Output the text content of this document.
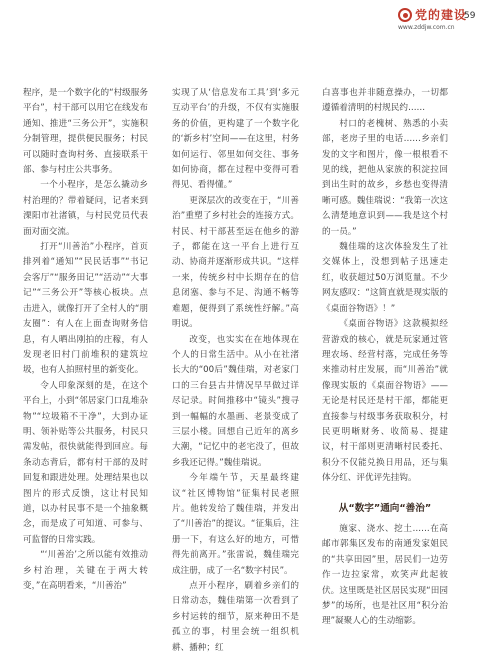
党的建设
www.zddjw.com.cn
59

程序，是一个数字化的“村级服务平台”，村干部可以用它在线发布通知、推进“三务公开”，实施积分制管理，提供便民服务；村民可以随时查询村务、直接联系干部、参与村庄公共事务。

一个小程序，是怎么撬动乡村治理的？带着疑问，记者来到溧阳市社渚镇，与村民党员代表面对面交流。

打开“川善治”小程序，首页排列着“通知”“民民话事”“书记会客厅”“服务田记”“活动”“大事记”“三务公开”等核心板块。点击进入，就像打开了全村人的“朋友圈”：有人在上面查询财务信息，有人晒出刚拍的庄稼，有人发现老旧村门前堆积的建筑垃圾，也有人拍照村里的新变化。

令人印象深刻的是，在这个平台上，小到“邻居家门口乱堆杂物”“垃圾箱不干净”，大到办证明、领补贴等公共服务，村民只需发帖，很快就能得到回应。每条动态背后，都有村干部的及时回复和跟进处理。处理结果也以图片的形式反馈，这让村民知道，以办村民事不是一个抽象概念，而是成了可知道、可参与、可监督的日常实践。

“‘川善治’之所以能有效推动乡村治理，关键在于两大转变，”在高明看来，“川善治”

实现了从‘信息发布工具’到‘多元互动平台’的升级，不仅有实施服务的价值，更构建了一个数字化的‘新乡村’空间——在这里，村务如何运行、邻里如何交往、事务如何协商，都在过程中变得可看得见、看得懂。”

更深层次的改变在于，“川善治”重塑了乡村社会的连接方式。村民、村干部甚至远在他乡的游子，都能在这一平台上进行互动、协商并逐渐形成共识。“这样一来，传统乡村中长期存在的信息闭塞、参与不足、沟通不畅等难题，便得到了系统性纾解。”高明说。

改变，也实实在在地体现在个人的日常生活中。从小在社渚长大的“00后”魏佳瑞，对老家门口的三台县古井情况早早做过详尽记录。时间推移中“镜头”搜寻到一幅幅的水墨画、老景变成了三层小楼。回想自己近年的离乡大潮，“记忆中的老宅没了，但故乡我还记得。”魏佳瑞说。

今年端午节，天星最终建议“社区博物馆”征集村民老照片。他转发给了魏佳瑞，并发出了“川善治”的提议。“征集后，注册一下，有这么好的地方，可惜得先前离开。”张雷说，魏佳瑞完成注册，成了一名“数字村民”。

点开小程序，刷着乡亲们的日常动态，魏佳瑞第一次看到了乡村运转的细节，原来种田不是孤立的事，村里会统一组织机耕、播种；红

白喜事也并非随意操办，一切都遵循着清明的村规民约……

村口的老槐树、熟悉的小卖部，老房子里的电话……乡亲们发的文字和图片，像一根根看不见的线，把他从家族的积淀拉回到出生时的故乡，乡愁也变得清晰可感。魏佳瑞说：“我第一次这么清楚地意识到——我是这个村的一员。”

魏佳瑞的这次体验发生了社交媒体上，没想到帖子迅速走红，收获超过50万浏览量。不少网友感叹：“这简直就是现实版的《桌面谷物语》！”

《桌面谷物语》这款模拟经营游戏的核心，就是玩家通过管理农场、经营村落，完成任务等来推动村庄发展，而“川善治”就像现实版的《桌面谷物语》——无论是村民还是村干部，都能更直接参与村级事务获取积分，村民更明晰财务、收简易、提建议，村干部则更清晰村民委托、积分不仅能兑换日用品，还与集体分红、评优评先挂钩。

从“数字”通向“善治”

施家、浇水、挖土……在高邮市郭集区发布的南通发家姐民的“共享田园”里，居民们一边劳作一边拉家常，欢笑声此起彼伏。这里既是社区居民实现“田园梦”的场所，也是社区用“积分治理”凝聚人心的生动缩影。
